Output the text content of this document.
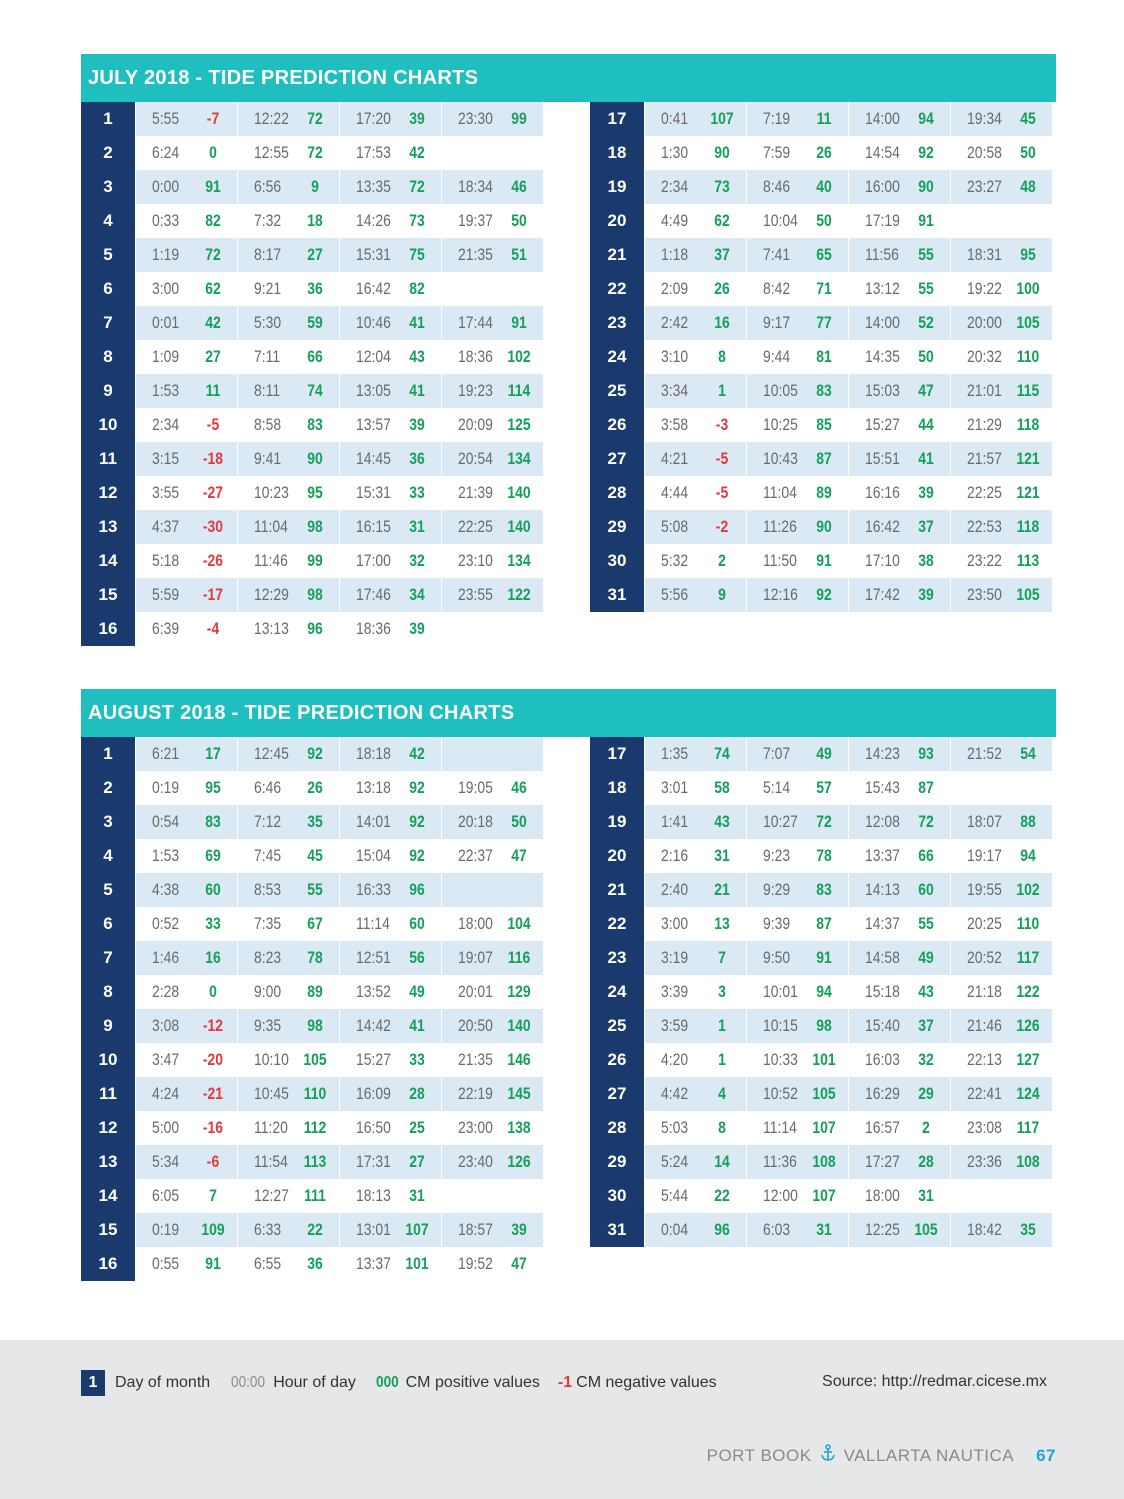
JULY 2018 - TIDE PREDICTION CHARTS
1	5:55	-7	12:22 72 17:20 39 23:30 99
2	6:24	0	12:55 72 17:53 42
3	0:00	91 6:56	9	13:35 72 18:34 46
4	0:33	82 7:32	18 14:26 73 19:37 50
5	1:19	72 8:17	27 15:31 75 21:35 51
6	3:00	62 9:21	36 16:42 82
7	0:01	42 5:30	59 10:46 41 17:44 91
8	1:09	27 7:11	66 12:04 43 18:36 102
9	1:53	11 8:11	74 13:05 41 19:23 114
10	2:34	-5	8:58	83 13:57 39 20:09 125
11	3:15	-18 9:41	90 14:45 36 20:54 134
12	3:55	-27 10:23 95 15:31 33 21:39 140
13	4:37	-30 11:04 98 16:15 31 22:25 140
14	5:18	-26 11:46 99 17:00 32 23:10 134
15	5:59	-17 12:29 98 17:46 34 23:55 122
16	6:39	-4	13:13 96 18:36 39
17	0:41	107 7:19	11 14:00 94 19:34 45
18	1:30	90 7:59	26 14:54 92 20:58 50
19	2:34	73 8:46	40 16:00 90 23:27 48
20	4:49	62 10:04 50 17:19 91
21	1:18	37 7:41	65 11:56 55 18:31 95
22	2:09	26 8:42	71 13:12 55 19:22 100
23	2:42	16 9:17	77 14:00 52 20:00 105
24	3:10	8	9:44	81 14:35 50 20:32 110
25	3:34	1	10:05 83 15:03 47 21:01 115
26	3:58	-3	10:25 85 15:27 44 21:29 118
27	4:21	-5	10:43 87 15:51 41 21:57 121
28	4:44	-5	11:04 89 16:16 39 22:25 121
29	5:08	-2	11:26 90 16:42 37 22:53 118
30	5:32	2	11:50 91 17:10 38 23:22 113
31	5:56	9	12:16 92 17:42 39 23:50 105
AUGUST 2018 - TIDE PREDICTION CHARTS
1	6:21	17 12:45 92 18:18 42
2	0:19	95 6:46	26 13:18 92 19:05 46
3	0:54	83 7:12	35 14:01 92 20:18 50
4	1:53	69 7:45	45 15:04 92 22:37 47
5	4:38	60 8:53	55 16:33 96
6	0:52	33 7:35	67 11:14 60 18:00 104
7	1:46	16 8:23	78 12:51 56 19:07 116
8	2:28	0	9:00	89 13:52 49 20:01 129
9	3:08	-12 9:35	98 14:42 41 20:50 140
10	3:47	-20 10:10 105 15:27 33 21:35 146
11	4:24	-21 10:45 110 16:09 28 22:19 145
12	5:00	-16 11:20 112 16:50 25 23:00 138
13	5:34	-6	11:54 113 17:31 27 23:40 126
14	6:05	7	12:27 111 18:13 31
15	0:19	109 6:33	22 13:01 107 18:57 39
16	0:55	91 6:55	36 13:37 101 19:52 47
17	1:35	74 7:07	49 14:23 93 21:52 54
18	3:01	58 5:14	57 15:43 87
19	1:41	43 10:27 72 12:08 72 18:07 88
20	2:16	31 9:23	78 13:37 66 19:17 94
21	2:40	21 9:29	83 14:13 60 19:55 102
22	3:00	13 9:39	87 14:37 55 20:25 110
23	3:19	7	9:50	91 14:58 49 20:52 117
24	3:39	3	10:01 94 15:18 43 21:18 122
25	3:59	1	10:15 98 15:40 37 21:46 126
26	4:20	1	10:33 101 16:03 32 22:13 127
27	4:42	4	10:52 105 16:29 29 22:41 124
28	5:03	8	11:14 107 16:57	2	23:08 117
29	5:24	14 11:36 108 17:27 28 23:36 108
30	5:44	22 12:00 107 18:00 31
31	0:04	96 6:03	31 12:25 105 18:42 35
1	Day of month 00:00 Hour of day 000 CM positive values -1 CM negative values	Source: http://redmar.cicese.mx
PORT BOOK VALLARTA NAUTICA 67
